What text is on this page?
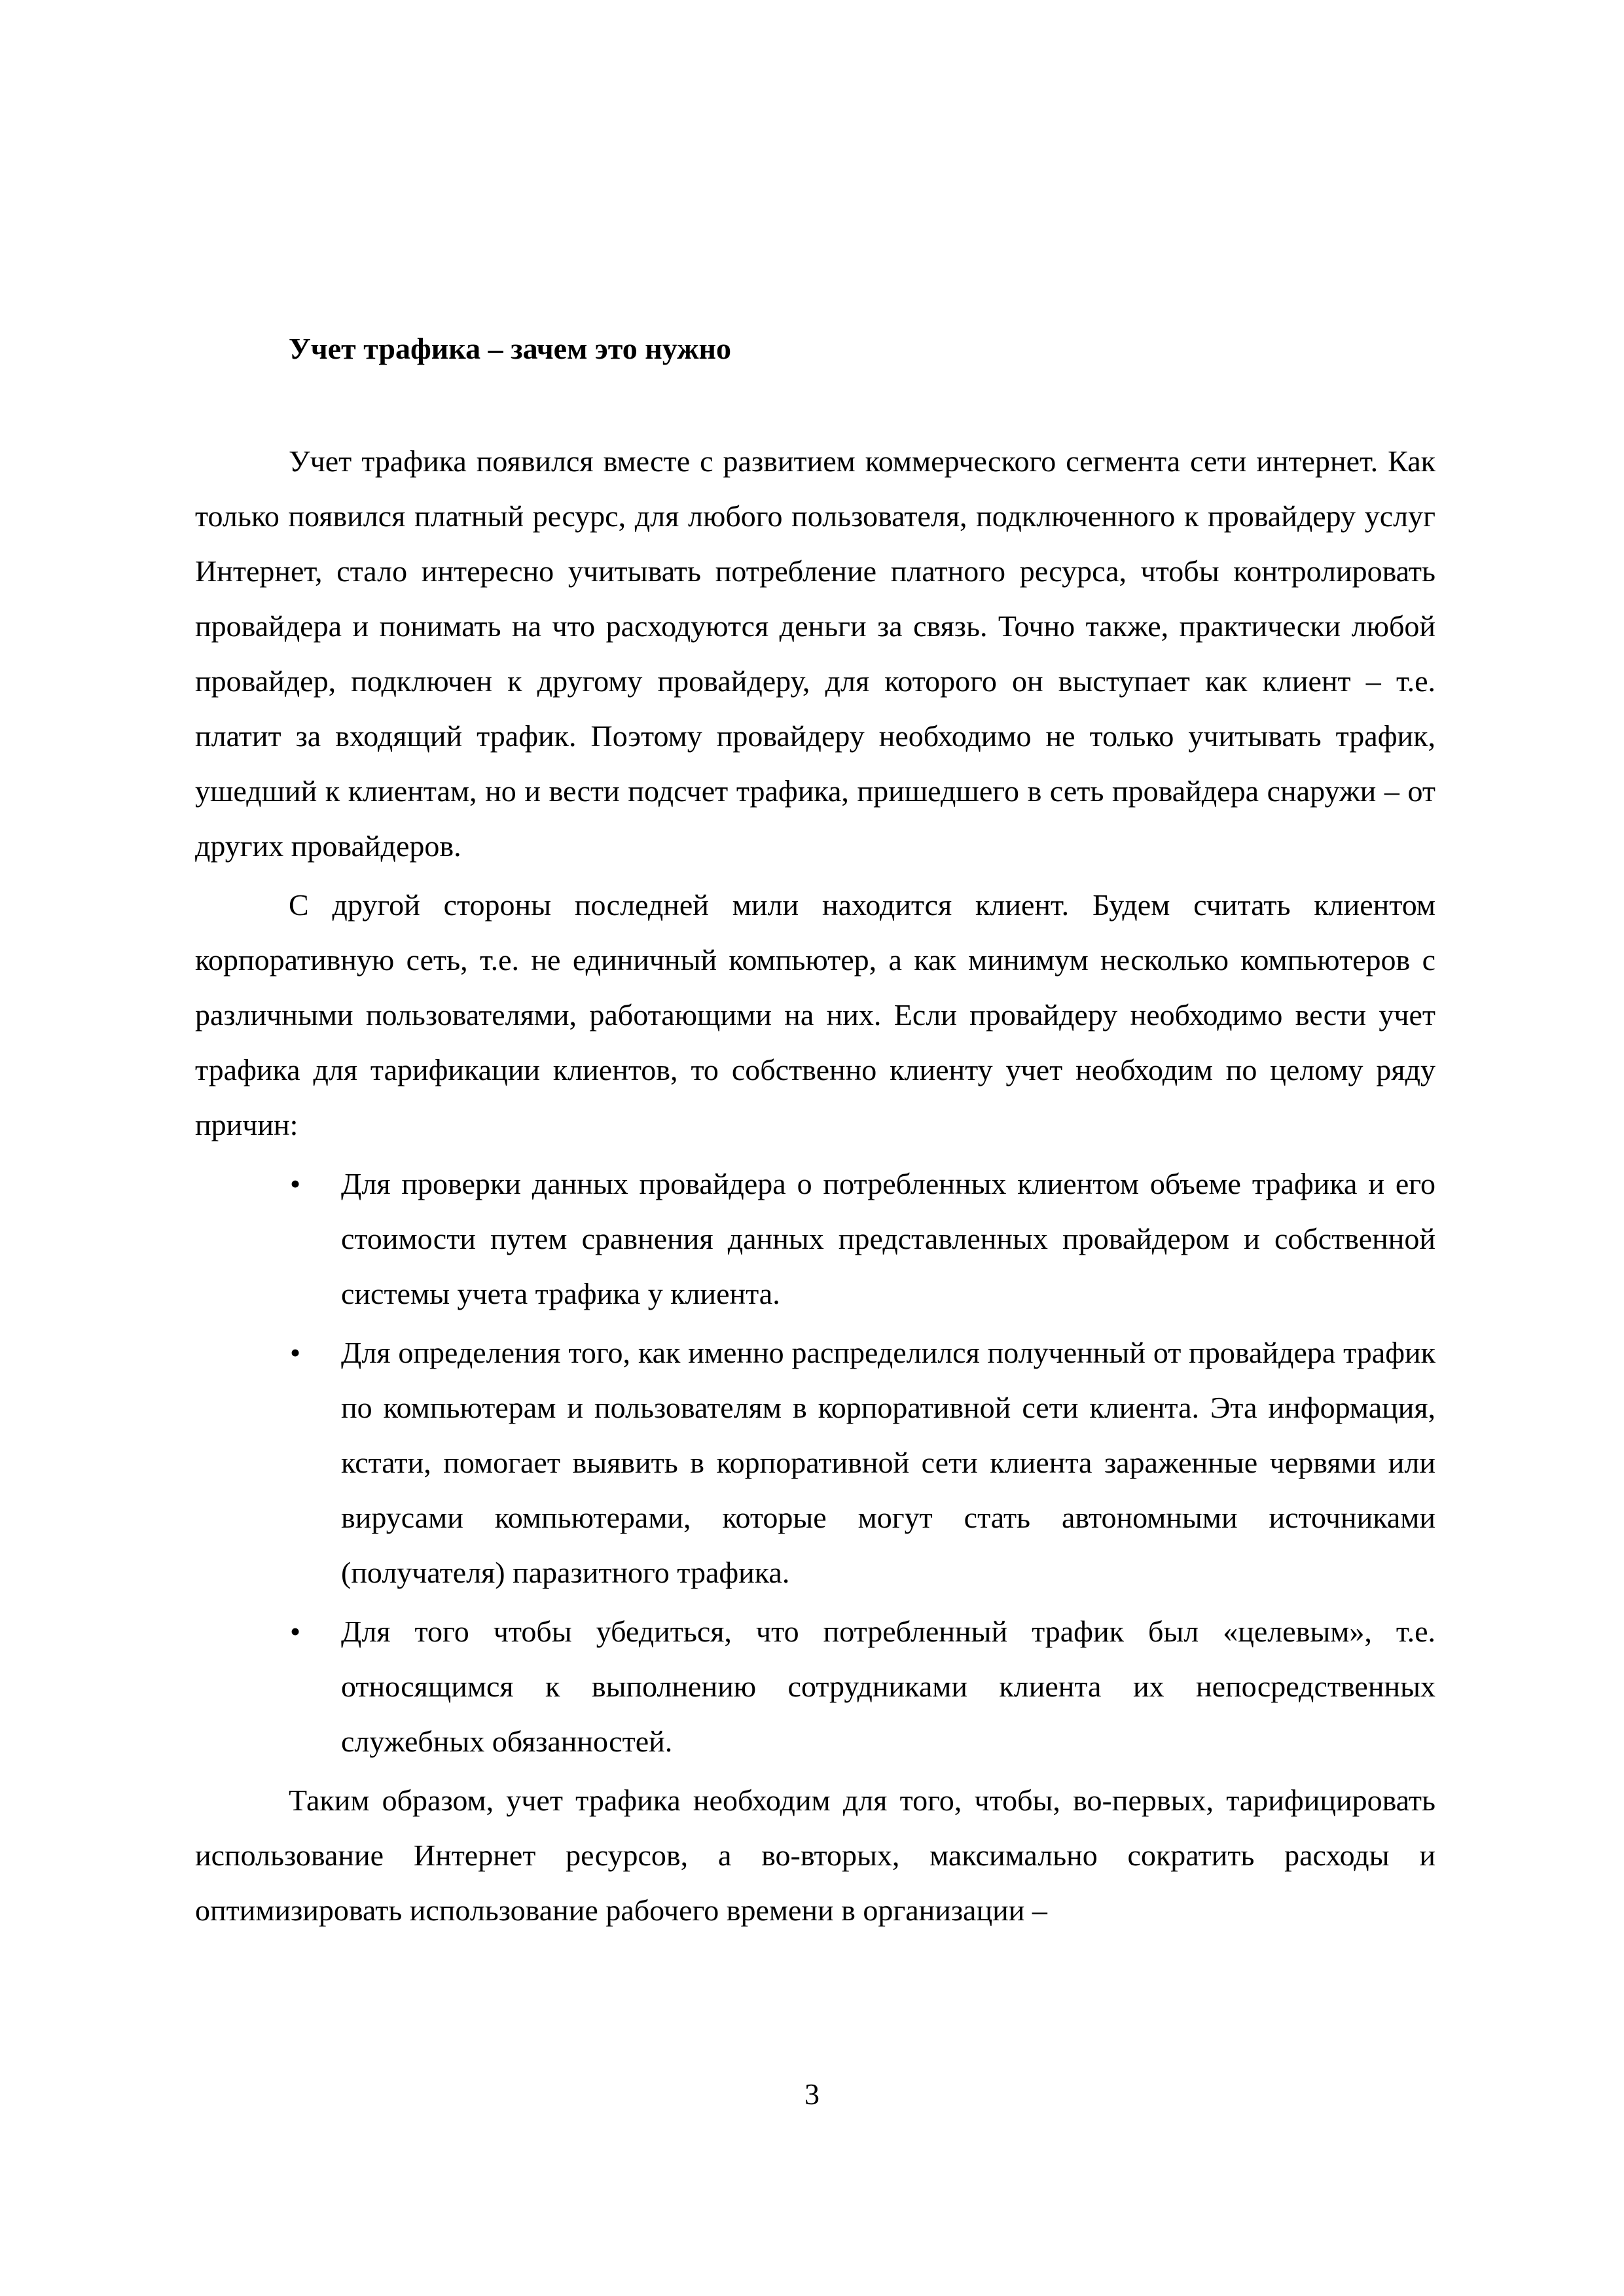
Учет трафика – зачем это нужно

Учет трафика появился вместе с развитием коммерческого сегмента сети интернет. Как только появился платный ресурс, для любого пользователя, подключенного к провайдеру услуг Интернет, стало интересно учитывать потребление платного ресурса, чтобы контролировать провайдера и понимать на что расходуются деньги за связь. Точно также, практически любой провайдер, подключен к другому провайдеру, для которого он выступает как клиент – т.е. платит за входящий трафик. Поэтому провайдеру необходимо не только учитывать трафик, ушедший к клиентам, но и вести подсчет трафика, пришедшего в сеть провайдера снаружи – от других провайдеров.

С другой стороны последней мили находится клиент. Будем считать клиентом корпоративную сеть, т.е. не единичный компьютер, а как минимум несколько компьютеров с различными пользователями, работающими на них. Если провайдеру необходимо вести учет трафика для тарификации клиентов, то собственно клиенту учет необходим по целому ряду причин:

• Для проверки данных провайдера о потребленных клиентом объеме трафика и его стоимости путем сравнения данных представленных провайдером и собственной системы учета трафика у клиента.
• Для определения того, как именно распределился полученный от провайдера трафик по компьютерам и пользователям в корпоративной сети клиента. Эта информация, кстати, помогает выявить в корпоративной сети клиента зараженные червями или вирусами компьютерами, которые могут стать автономными источниками (получателя) паразитного трафика.
• Для того чтобы убедиться, что потребленный трафик был «целевым», т.е. относящимся к выполнению сотрудниками клиента их непосредственных служебных обязанностей.

Таким образом, учет трафика необходим для того, чтобы, во-первых, тарифицировать использование Интернет ресурсов, а во-вторых, максимально сократить расходы и оптимизировать использование рабочего времени в организации –

3
